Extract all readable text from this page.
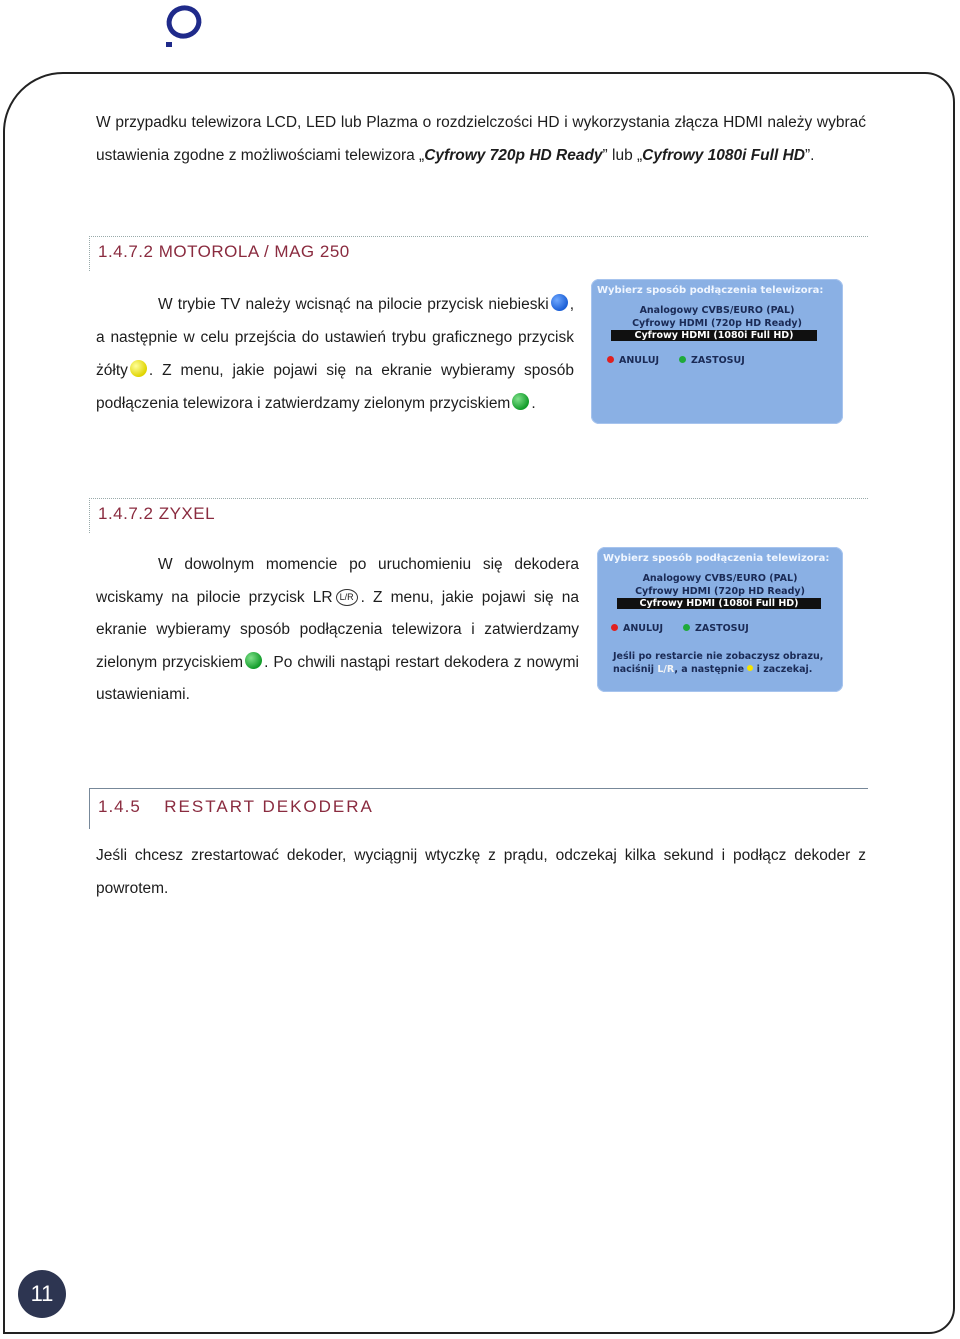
W przypadku telewizora LCD, LED lub Plazma o rozdzielczości HD i wykorzystania złącza HDMI należy wybrać ustawienia zgodne z możliwościami telewizora „Cyfrowy 720p HD Ready” lub „Cyfrowy 1080i Full HD”.
1.4.7.2 MOTOROLA / MAG 250
W trybie TV należy wcisnąć na pilocie przycisk niebieski , a następnie w celu przejścia do ustawień trybu graficznego przycisk żółty . Z menu, jakie pojawi się na ekranie wybieramy sposób podłączenia telewizora i zatwierdzamy zielonym przyciskiem .
Wybierz sposób podłączenia telewizora:
Analogowy CVBS/EURO (PAL)
Cyfrowy HDMI (720p HD Ready)
Cyfrowy HDMI (1080i Full HD)
ANULUJ	ZASTOSUJ
1.4.7.2 ZYXEL
W dowolnym momencie po uruchomieniu się dekodera wciskamy na pilocie przycisk LR L/R . Z menu, jakie pojawi się na ekranie wybieramy sposób podłączenia telewizora i zatwierdzamy zielonym przyciskiem . Po chwili nastąpi restart dekodera z nowymi ustawieniami.
Wybierz sposób podłączenia telewizora:
Analogowy CVBS/EURO (PAL)
Cyfrowy HDMI (720p HD Ready)
Cyfrowy HDMI (1080i Full HD)
ANULUJ	ZASTOSUJ
Jeśli po restarcie nie zobaczysz obrazu,
naciśnij L/R, a następnie  i zaczekaj.
1.4.5 RESTART DEKODERA
Jeśli chcesz zrestartować dekoder, wyciągnij wtyczkę z prądu, odczekaj kilka sekund i podłącz dekoder z powrotem.
11
